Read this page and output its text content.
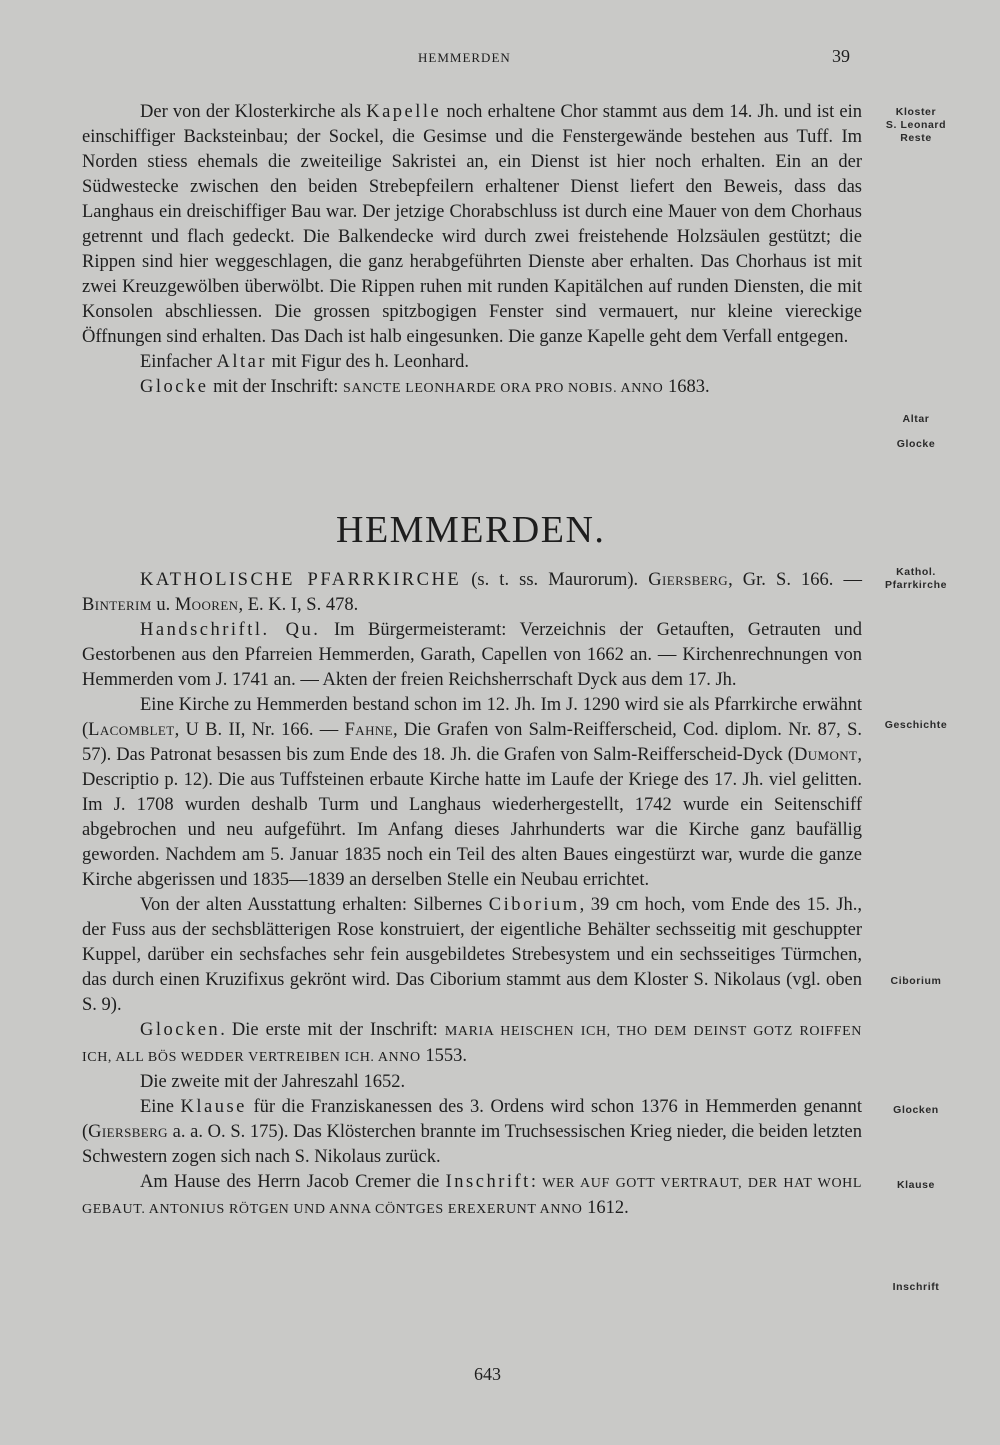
HEMMERDEN	39

Der von der Klosterkirche als Kapelle noch erhaltene Chor stammt aus dem 14. Jh. und ist ein einschiffiger Backsteinbau; der Sockel, die Gesimse und die Fenstergewände bestehen aus Tuff. Im Norden stiess ehemals die zweiteilige Sakristei an, ein Dienst ist hier noch erhalten. Ein an der Südwestecke zwischen den beiden Strebepfeilern erhaltener Dienst liefert den Beweis, dass das Langhaus ein dreischiffiger Bau war. Der jetzige Chorabschluss ist durch eine Mauer von dem Chorhaus getrennt und flach gedeckt. Die Balkendecke wird durch zwei freistehende Holzsäulen gestützt; die Rippen sind hier weggeschlagen, die ganz herabgeführten Dienste aber erhalten. Das Chorhaus ist mit zwei Kreuzgewölben überwölbt. Die Rippen ruhen mit runden Kapitälchen auf runden Diensten, die mit Konsolen abschliessen. Die grossen spitzbogigen Fenster sind vermauert, nur kleine viereckige Öffnungen sind erhalten. Das Dach ist halb eingesunken. Die ganze Kapelle geht dem Verfall entgegen.

Einfacher Altar mit Figur des h. Leonhard.

Glocke mit der Inschrift: SANCTE LEONHARDE ORA PRO NOBIS. ANNO 1683.

HEMMERDEN.

KATHOLISCHE PFARRKIRCHE (s. t. ss. Maurorum). Giersberg, Gr. S. 166. — Binterim u. Mooren, E. K. I, S. 478.

Handschriftl. Qu. Im Bürgermeisteramt: Verzeichnis der Getauften, Getrauten und Gestorbenen aus den Pfarreien Hemmerden, Garath, Capellen von 1662 an. — Kirchenrechnungen von Hemmerden vom J. 1741 an. — Akten der freien Reichsherrschaft Dyck aus dem 17. Jh.

Eine Kirche zu Hemmerden bestand schon im 12. Jh. Im J. 1290 wird sie als Pfarrkirche erwähnt (Lacomblet, U B. II, Nr. 166. — Fahne, Die Grafen von Salm-Reifferscheid, Cod. diplom. Nr. 87, S. 57). Das Patronat besassen bis zum Ende des 18. Jh. die Grafen von Salm-Reifferscheid-Dyck (Dumont, Descriptio p. 12). Die aus Tuffsteinen erbaute Kirche hatte im Laufe der Kriege des 17. Jh. viel gelitten. Im J. 1708 wurden deshalb Turm und Langhaus wiederhergestellt, 1742 wurde ein Seitenschiff abgebrochen und neu aufgeführt. Im Anfang dieses Jahrhunderts war die Kirche ganz baufällig geworden. Nachdem am 5. Januar 1835 noch ein Teil des alten Baues eingestürzt war, wurde die ganze Kirche abgerissen und 1835—1839 an derselben Stelle ein Neubau errichtet.

Von der alten Ausstattung erhalten: Silbernes Ciborium, 39 cm hoch, vom Ende des 15. Jh., der Fuss aus der sechsblätterigen Rose konstruiert, der eigentliche Behälter sechsseitig mit geschuppter Kuppel, darüber ein sechsfaches sehr fein ausgebildetes Strebesystem und ein sechsseitiges Türmchen, das durch einen Kruzifixus gekrönt wird. Das Ciborium stammt aus dem Kloster S. Nikolaus (vgl. oben S. 9).

Glocken. Die erste mit der Inschrift: MARIA HEISCHEN ICH, THO DEM DEINST GOTZ ROIFFEN ICH, ALL BÖS WEDDER VERTREIBEN ICH. ANNO 1553.

Die zweite mit der Jahreszahl 1652.

Eine Klause für die Franziskanessen des 3. Ordens wird schon 1376 in Hemmerden genannt (Giersberg a. a. O. S. 175). Das Klösterchen brannte im Truchsessischen Krieg nieder, die beiden letzten Schwestern zogen sich nach S. Nikolaus zurück.

Am Hause des Herrn Jacob Cremer die Inschrift: WER AUF GOTT VERTRAUT, DER HAT WOHL GEBAUT. ANTONIUS RÖTGEN UND ANNA CÖNTGES EREXERUNT ANNO 1612.

Kloster
S. Leonard
Reste
Altar
Glocke
Kathol.
Pfarrkirche
Geschichte
Ciborium
Glocken
Klause
Inschrift
643
